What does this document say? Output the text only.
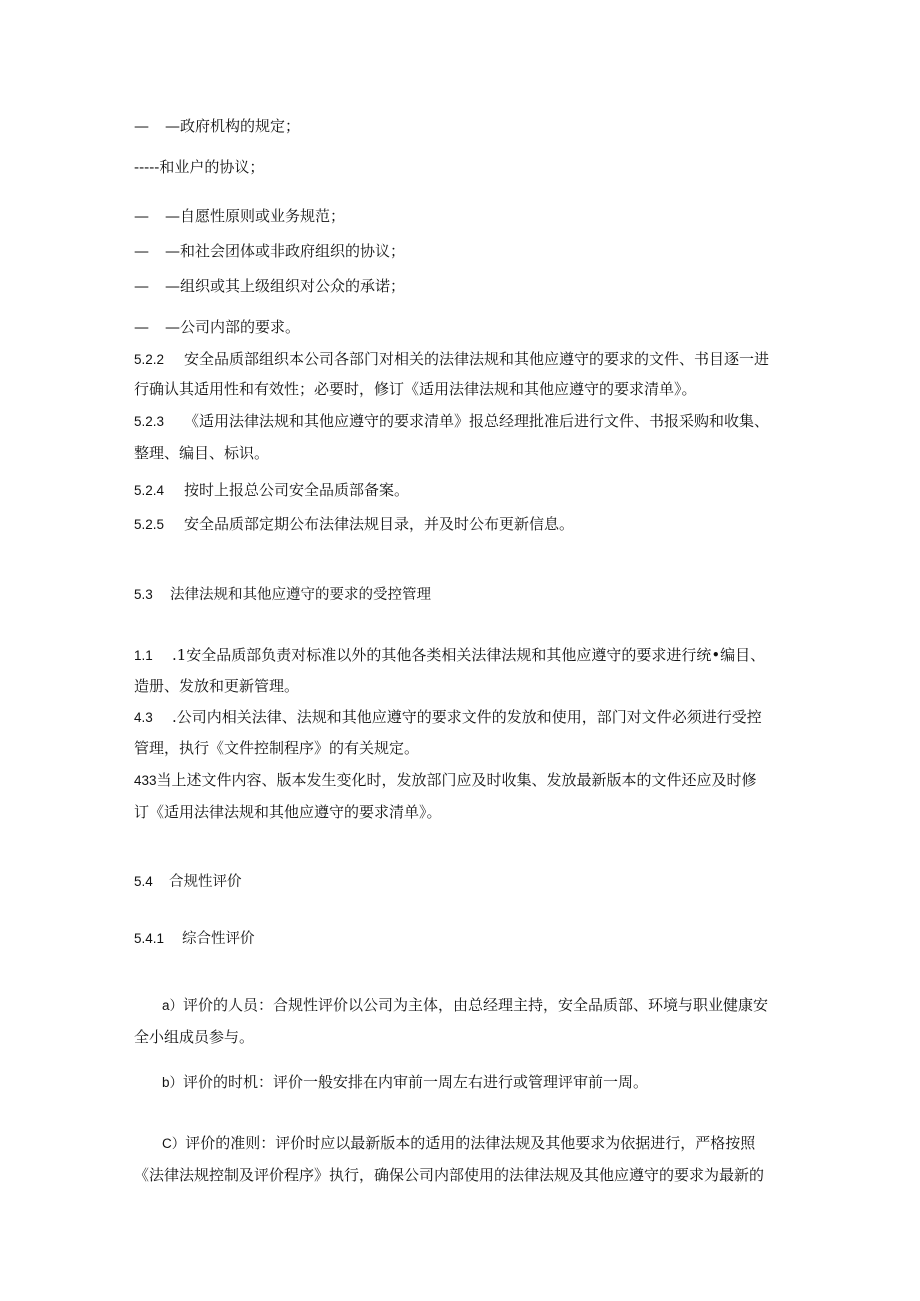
— —政府机构的规定；
-----和业户的协议；
— —自愿性原则或业务规范；
— —和社会团体或非政府组织的协议；
— —组织或其上级组织对公众的承诺；
— —公司内部的要求。
5.2.2 安全品质部组织本公司各部门对相关的法律法规和其他应遵守的要求的文件、书目逐一进
行确认其适用性和有效性；必要时，修订《适用法律法规和其他应遵守的要求清单》。
5.2.3 《适用法律法规和其他应遵守的要求清单》报总经理批准后进行文件、书报采购和收集、
整理、编目、标识。
5.2.4 按时上报总公司安全品质部备案。
5.2.5 安全品质部定期公布法律法规目录，并及时公布更新信息。
5.3 法律法规和其他应遵守的要求的受控管理
1.1 .1安全品质部负责对标准以外的其他各类相关法律法规和其他应遵守的要求进行统•编目、
造册、发放和更新管理。
4.3 .公司内相关法律、法规和其他应遵守的要求文件的发放和使用，部门对文件必须进行受控
管理，执行《文件控制程序》的有关规定。
433当上述文件内容、版本发生变化时，发放部门应及时收集、发放最新版本的文件还应及时修
订《适用法律法规和其他应遵守的要求清单》。
5.4 合规性评价
5.4.1 综合性评价
a）评价的人员：合规性评价以公司为主体，由总经理主持，安全品质部、环境与职业健康安
全小组成员参与。
b）评价的时机：评价一般安排在内审前一周左右进行或管理评审前一周。
C）评价的准则：评价时应以最新版本的适用的法律法规及其他要求为依据进行，严格按照
《法律法规控制及评价程序》执行，确保公司内部使用的法律法规及其他应遵守的要求为最新的
